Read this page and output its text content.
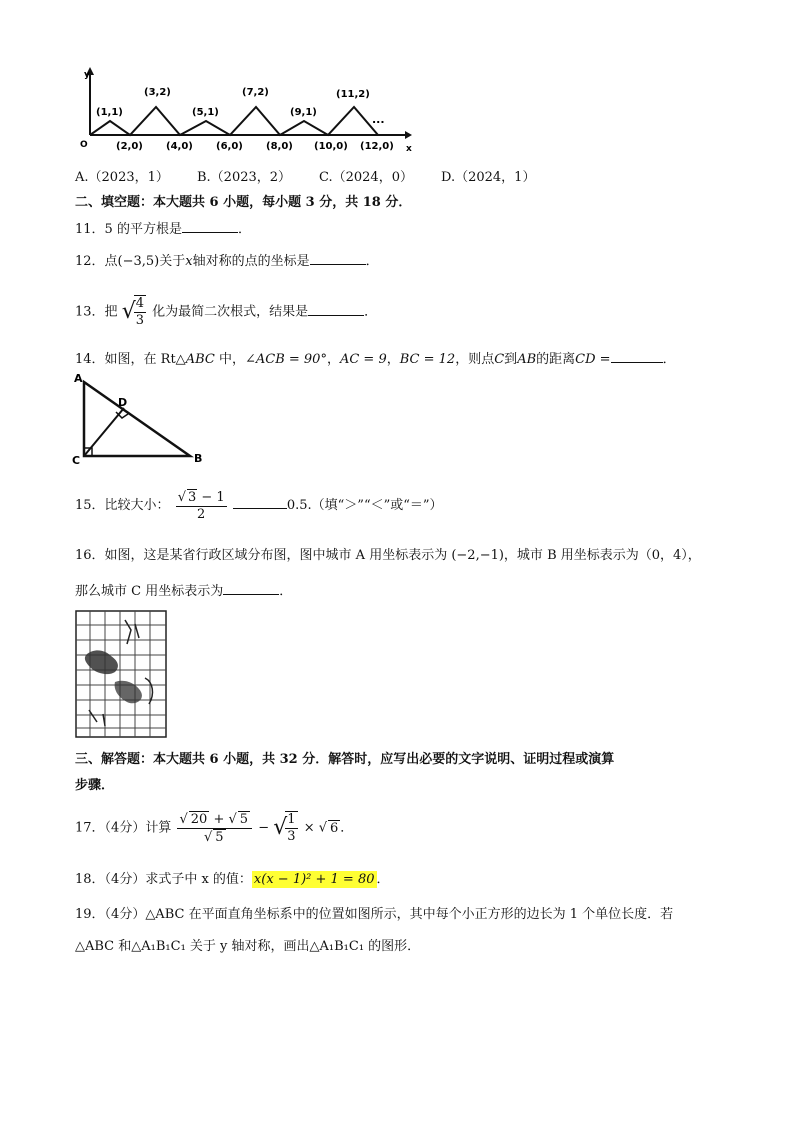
y
x
O
(1,1)
(3,2)
(5,1)
(7,2)
(9,1)
(11,2)
(2,0) (4,0) (6,0) (8,0) (10,0) (12,0)
...
A.（2023，1） B.（2023，2） C.（2024，0） D.（2024，1）
二、填空题：本大题共 6 小题，每小题 3 分，共 18 分．
11．5 的平方根是	．
12．点(−3,5)关于x轴对称的点的坐标是	．
13．把 √
$\frac{4}{3}$ 化为最简二次根式，结果是	．
14．如图，在 Rt△ABC 中，∠ACB = 90°，AC = 9，BC = 12，则点C到AB的距离CD =	．
A
B
C
D
15．比较大小： $\frac{√ 3 - 1}{2}$	0.5.（填“＞”“＜”或“＝”）
16．如图，这是某省行政区域分布图，图中城市 A 用坐标表示为 (−2,−1)，城市 B 用坐标表示为（0，4），
那么城市 C 用坐标表示为	．
三、解答题：本大题共 6 小题，共 32 分．解答时，应写出必要的文字说明、证明过程或演算
步骤．
17．（4分）计算 $\frac{√ 20 + √ 5}{√ 5}$ − √
$\frac{1}{3}$ × √ 6 ．
18．（4分）求式子中 x 的值： x(x − 1)² + 1 = 80 ．
19．（4分）△ABC 在平面直角坐标系中的位置如图所示，其中每个小正方形的边长为 1 个单位长度．若
△ABC 和△A₁B₁C₁ 关于 y 轴对称，画出△A₁B₁C₁ 的图形．
